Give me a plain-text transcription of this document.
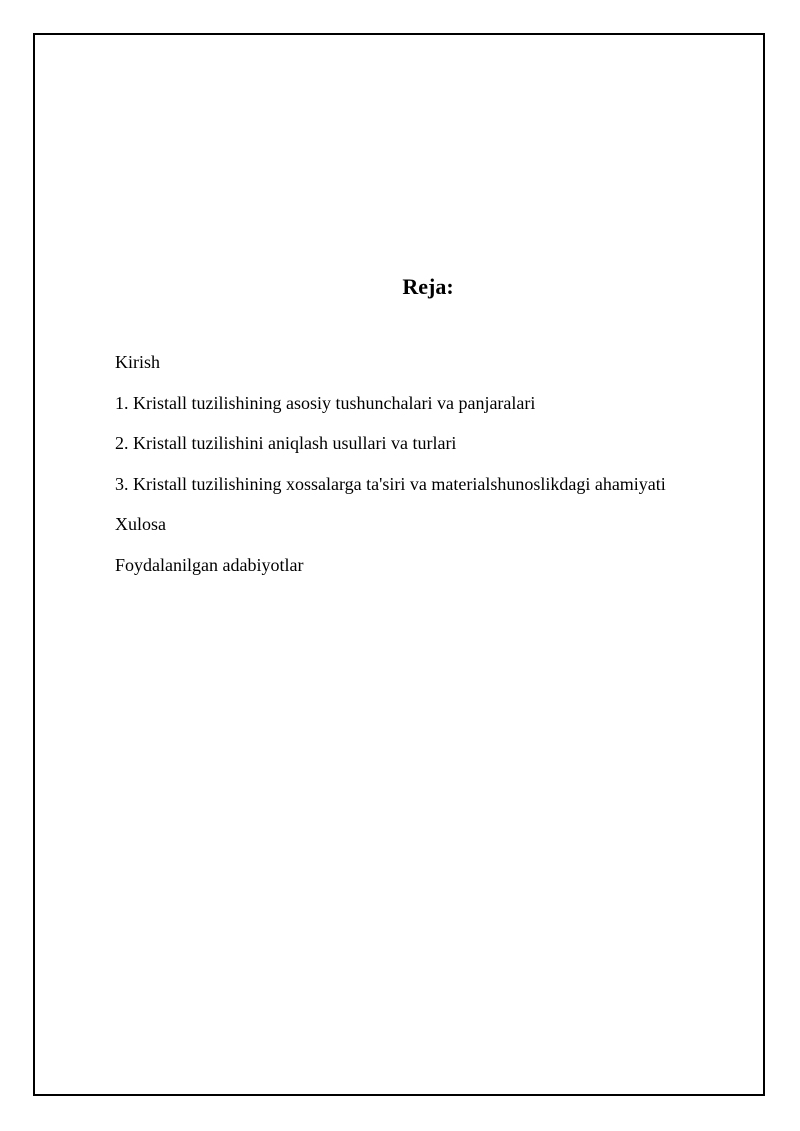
Reja:
Kirish
1. Kristall tuzilishining asosiy tushunchalari va panjaralari
2. Kristall tuzilishini aniqlash usullari va turlari
3. Kristall tuzilishining xossalarga ta'siri va materialshunoslikdagi ahamiyati
Xulosa
Foydalanilgan adabiyotlar
